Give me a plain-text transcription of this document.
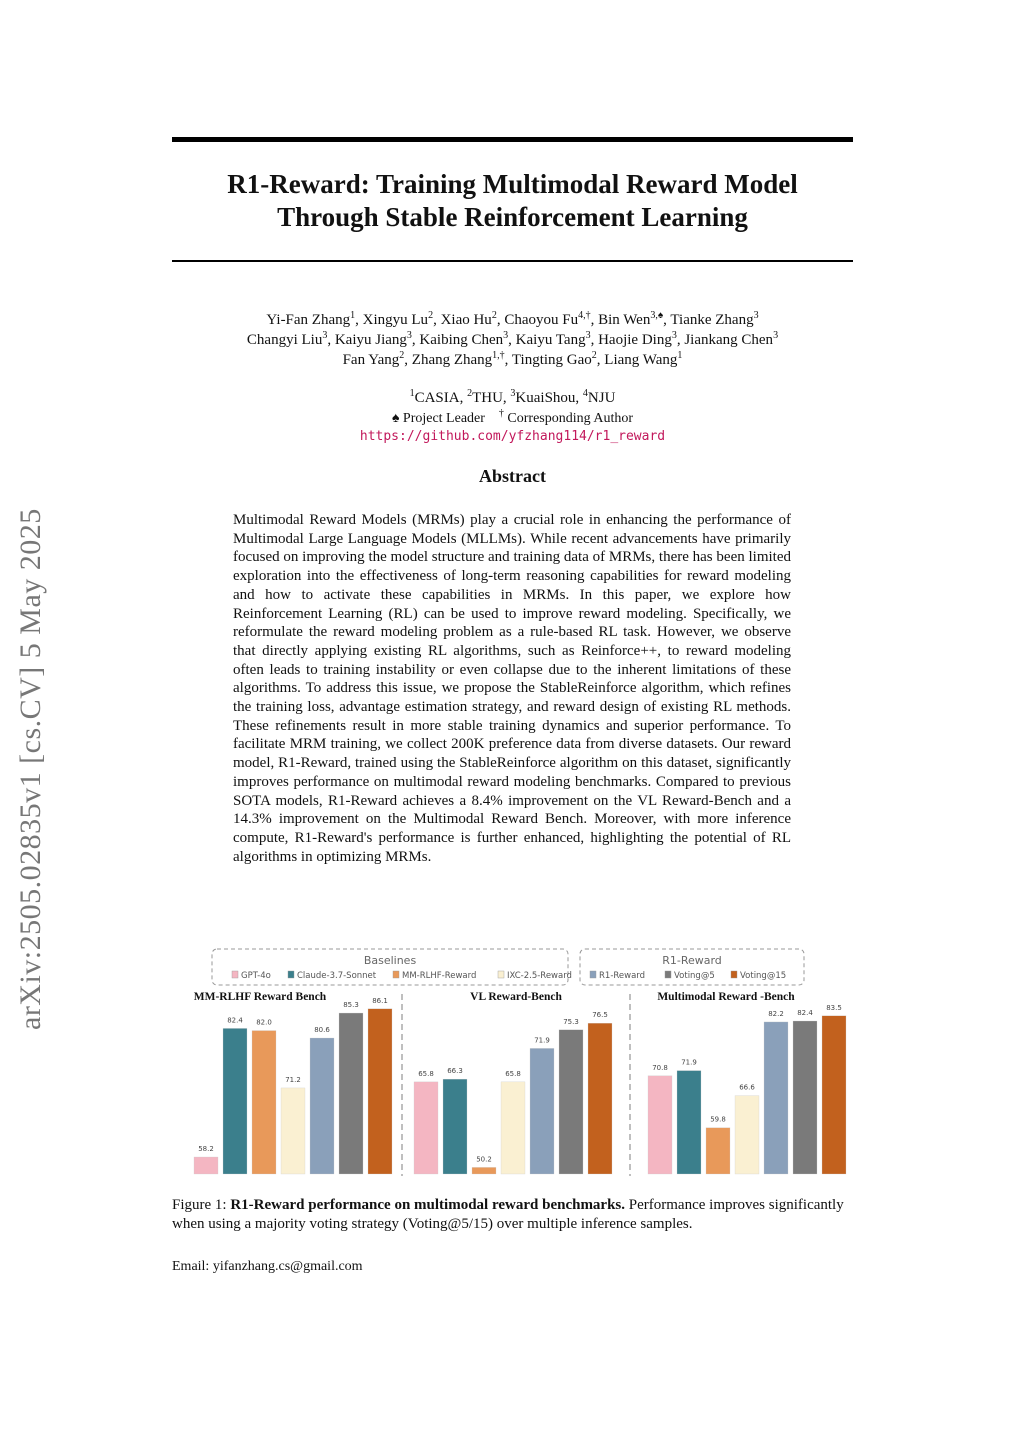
arXiv:2505.02835v1 [cs.CV] 5 May 2025
R1-Reward: Training Multimodal Reward Model
Through Stable Reinforcement Learning
Yi-Fan Zhang$^1$, Xingyu Lu$^2$, Xiao Hu$^2$, Chaoyou $Fu^{4,\dagger}$, Bin Wen$^{3,♠}$, Tianke Zhang$^3$
Changyi Liu$^3$, Kaiyu Jiang$^3$, Kaibing Chen$^3$, Kaiyu Tang$^3$, Haojie Ding$^3$, Jiankang Chen$^3$
Fan Yang$^2$, Zhang Zhang$^{1,\dagger}$, Tingting Gao$^2$, Liang Wang$^1$
$^1$CASIA, $^2$THU, $^3$KuaiShou, $^4$NJU
♠ Project Leader † Corresponding Author
https://github.com/yfzhang114/r1_reward
Abstract
Multimodal Reward Models (MRMs) play a crucial role in enhancing the performance of Multimodal Large Language Models (MLLMs). While recent advancements have primarily focused on improving the model structure and training data of MRMs, there has been limited exploration into the effectiveness of long-term reasoning capabilities for reward modeling and how to activate these capabilities in MRMs. In this paper, we explore how Reinforcement Learning (RL) can be used to improve reward modeling. Specifically, we reformulate the reward modeling problem as a rule-based RL task. However, we observe that directly applying existing RL algorithms, such as Reinforce++, to reward modeling often leads to training instability or even collapse due to the inherent limitations of these algorithms. To address this issue, we propose the StableReinforce algorithm, which refines the training loss, advantage estimation strategy, and reward design of existing RL methods. These refinements result in more stable training dynamics and superior performance. To facilitate MRM training, we collect 200K preference data from diverse datasets. Our reward model, R1-Reward, trained using the StableReinforce algorithm on this dataset, significantly improves performance on multimodal reward modeling benchmarks. Compared to previous SOTA models, R1-Reward achieves a 8.4% improvement on the VL Reward-Bench and a 14.3% improvement on the Multimodal Reward Bench. Moreover, with more inference compute, R1-Reward's performance is further enhanced, highlighting the potential of RL algorithms in optimizing MRMs.
Baselines
GPT-4o	Claude-3.7-Sonnet	MM-RLHF-Reward	IXC-2.5-Reward
R1-Reward
R1-Reward	Voting@5	Voting@15
MM-RLHF Reward Bench
58.2
82.4 82.0
71.2
80.6
85.3
86.1	VL Reward-Bench
65.8 66.3
50.2
65.8
71.9
75.3
76.5
Multimodal Reward -Bench
70.8
71.9
59.8
66.6
82.2 82.4
83.5
Figure 1: R1-Reward performance on multimodal reward benchmarks. Performance improves significantly when using a majority voting strategy (Voting@5/15) over multiple inference samples.
Email: yifanzhang.cs@gmail.com
